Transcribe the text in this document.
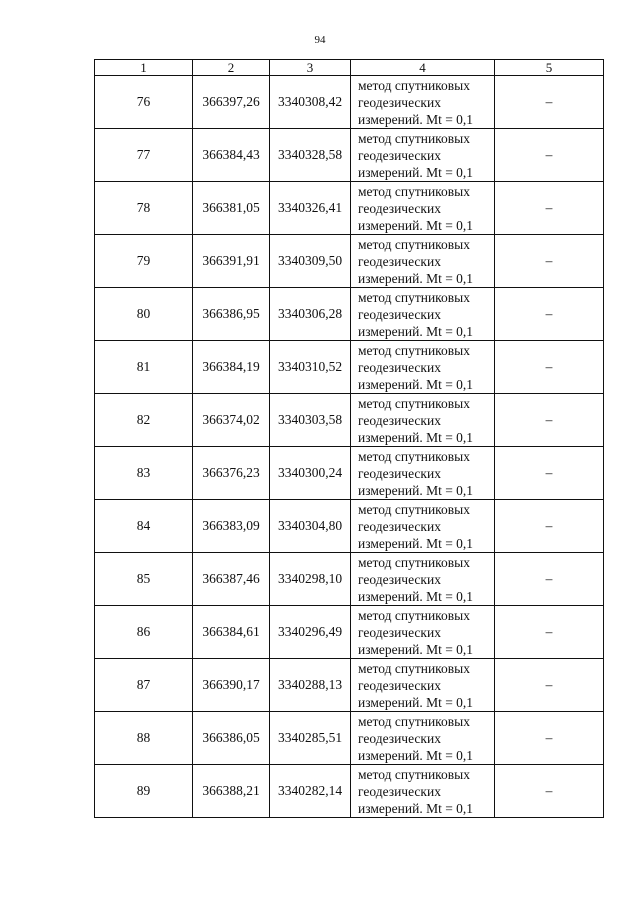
94
1	2	3	4	5
76	366397,26	3340308,42	метод спутниковых
геодезических
измерений. Mt = 0,1	–
77	366384,43	3340328,58	метод спутниковых
геодезических
измерений. Mt = 0,1	–
78	366381,05	3340326,41	метод спутниковых
геодезических
измерений. Mt = 0,1	–
79	366391,91	3340309,50	метод спутниковых
геодезических
измерений. Mt = 0,1	–
80	366386,95	3340306,28	метод спутниковых
геодезических
измерений. Mt = 0,1	–
81	366384,19	3340310,52	метод спутниковых
геодезических
измерений. Mt = 0,1	–
82	366374,02	3340303,58	метод спутниковых
геодезических
измерений. Mt = 0,1	–
83	366376,23	3340300,24	метод спутниковых
геодезических
измерений. Mt = 0,1	–
84	366383,09	3340304,80	метод спутниковых
геодезических
измерений. Mt = 0,1	–
85	366387,46	3340298,10	метод спутниковых
геодезических
измерений. Mt = 0,1	–
86	366384,61	3340296,49	метод спутниковых
геодезических
измерений. Mt = 0,1	–
87	366390,17	3340288,13	метод спутниковых
геодезических
измерений. Mt = 0,1	–
88	366386,05	3340285,51	метод спутниковых
геодезических
измерений. Mt = 0,1	–
89	366388,21	3340282,14	метод спутниковых
геодезических
измерений. Mt = 0,1	–
